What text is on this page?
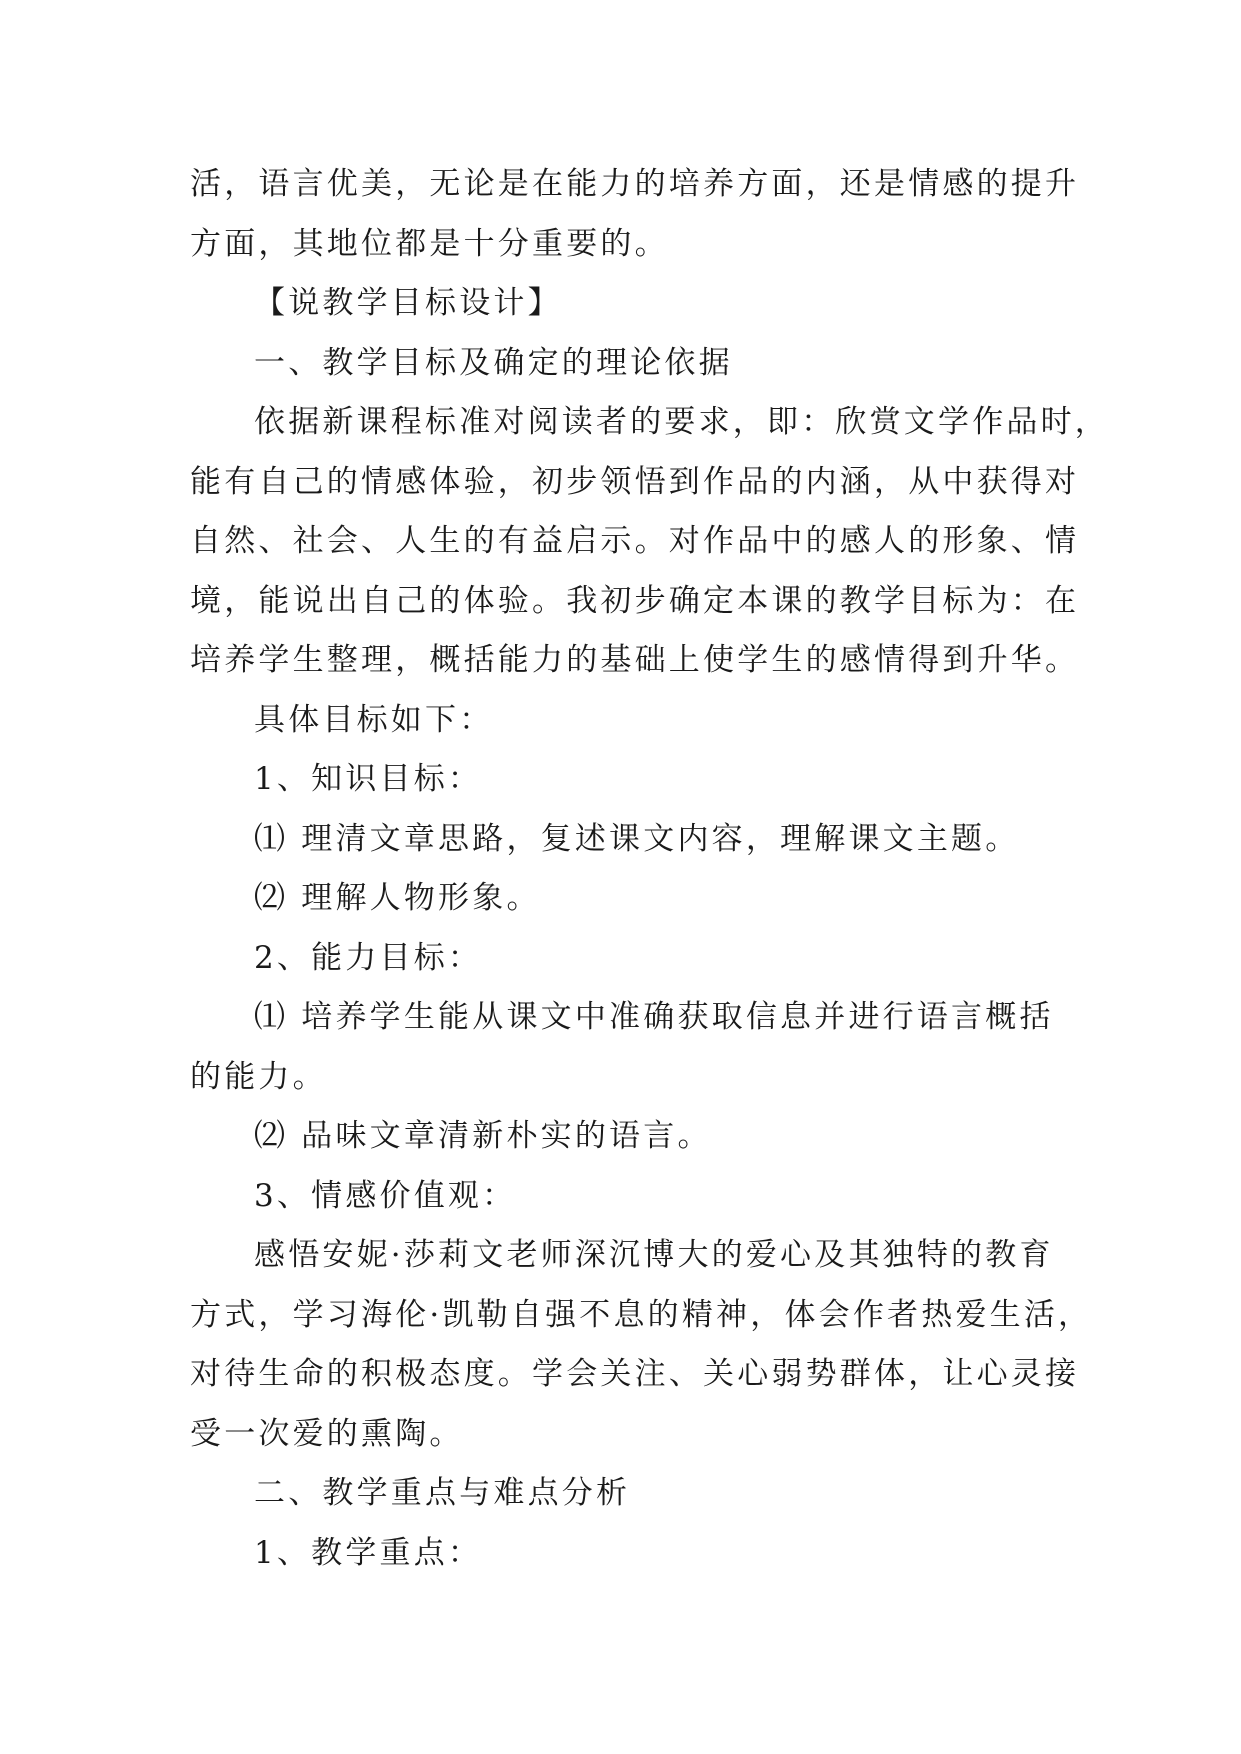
活，语言优美，无论是在能力的培养方面，还是情感的提升

方面，其地位都是十分重要的。

【说教学目标设计】

一、教学目标及确定的理论依据

依据新课程标准对阅读者的要求，即：欣赏文学作品时，

能有自己的情感体验，初步领悟到作品的内涵，从中获得对

自然、社会、人生的有益启示。对作品中的感人的形象、情

境，能说出自己的体验。我初步确定本课的教学目标为：在

培养学生整理，概括能力的基础上使学生的感情得到升华。

具体目标如下：

1、知识目标：

⑴ 理清文章思路，复述课文内容，理解课文主题。

⑵ 理解人物形象。

2、能力目标：

⑴ 培养学生能从课文中准确获取信息并进行语言概括

的能力。

⑵ 品味文章清新朴实的语言。

3、情感价值观：

感悟安妮·莎莉文老师深沉博大的爱心及其独特的教育

方式，学习海伦·凯勒自强不息的精神，体会作者热爱生活，

对待生命的积极态度。学会关注、关心弱势群体，让心灵接

受一次爱的熏陶。

二、教学重点与难点分析

1、教学重点：
